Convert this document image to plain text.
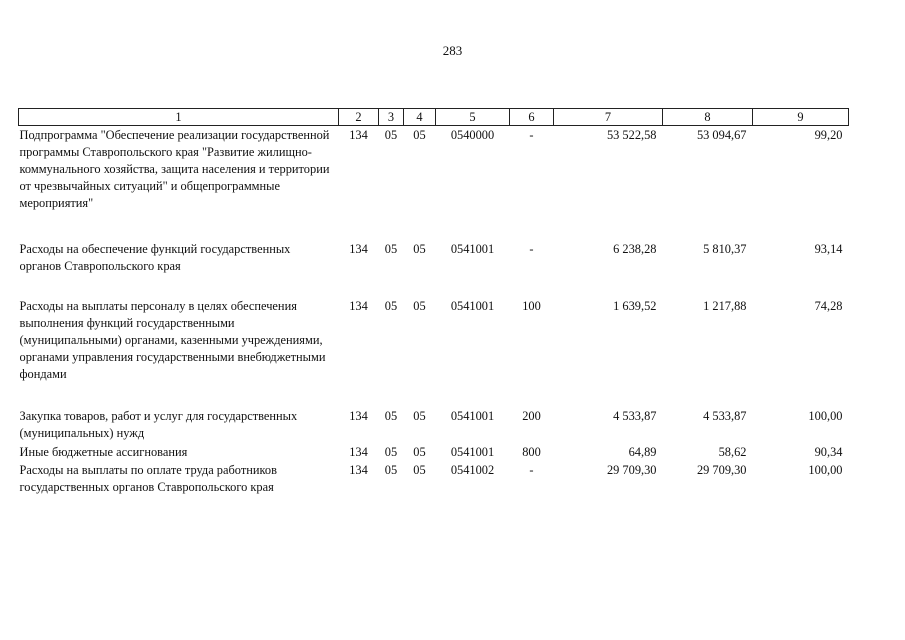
283
1	2	3	4	5	6	7	8	9
Подпрограмма "Обеспечение реализации государственной программы Ставропольского края "Развитие жилищно-коммунального хозяйства, защита населения и территории от чрезвычайных ситуаций" и общепрограммные мероприятия"	134	05	05	0540000	-	53 522,58	53 094,67	99,20
Расходы на обеспечение функций государственных органов Ставропольского края	134	05	05	0541001	-	6 238,28	5 810,37	93,14
Расходы на выплаты персоналу в целях обеспечения выполнения функций государственными (муниципальными) органами, казенными учреждениями, органами управления государственными внебюджетными фондами	134	05	05	0541001	100	1 639,52	1 217,88	74,28
Закупка товаров, работ и услуг для государственных (муниципальных) нужд	134	05	05	0541001	200	4 533,87	4 533,87	100,00
Иные бюджетные ассигнования	134	05	05	0541001	800	64,89	58,62	90,34
Расходы на выплаты по оплате труда работников государственных органов Ставропольского края	134	05	05	0541002	-	29 709,30	29 709,30	100,00
